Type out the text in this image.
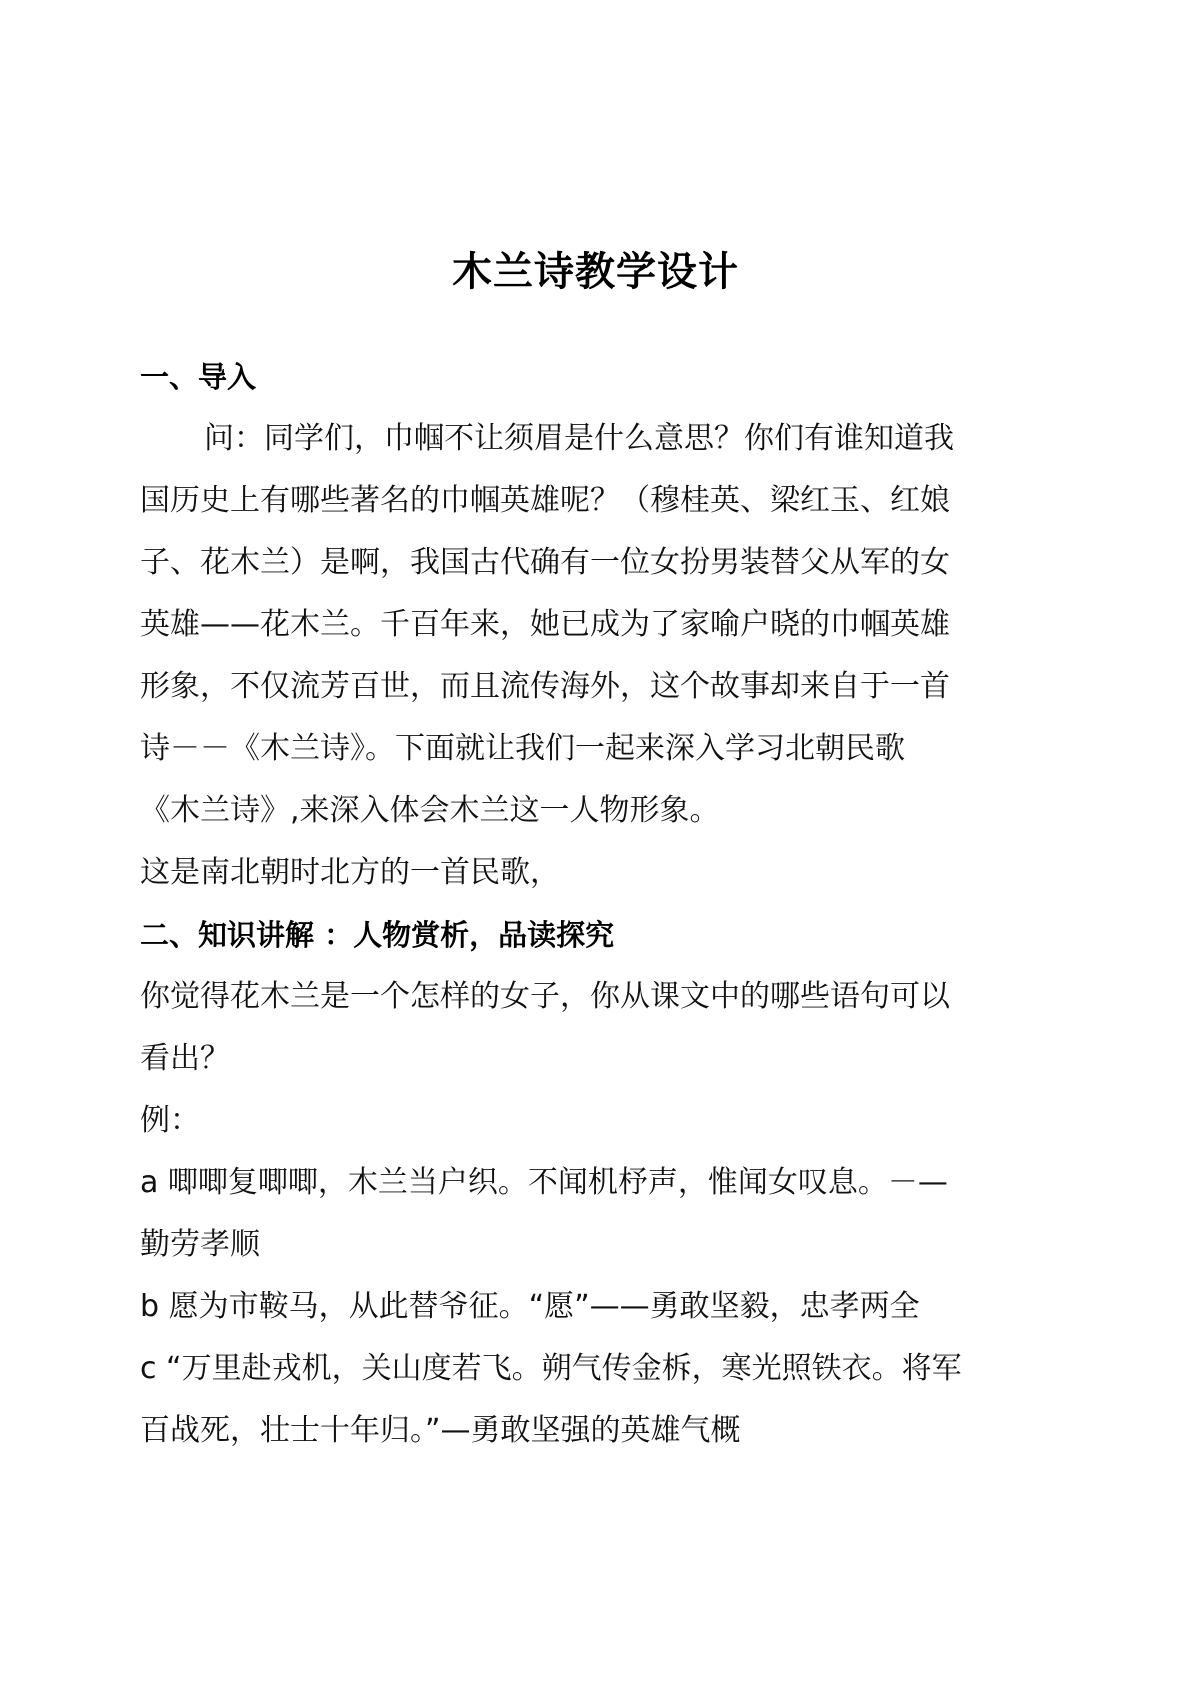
木兰诗教学设计

一、导入

问：同学们，巾帼不让须眉是什么意思？你们有谁知道我

国历史上有哪些著名的巾帼英雄呢？（穆桂英、梁红玉、红娘

子、花木兰）是啊，我国古代确有一位女扮男装替父从军的女

英雄——花木兰。千百年来，她已成为了家喻户晓的巾帼英雄

形象，不仅流芳百世，而且流传海外，这个故事却来自于一首

诗－－《木兰诗》。下面就让我们一起来深入学习北朝民歌

《木兰诗》,来深入体会木兰这一人物形象。

这是南北朝时北方的一首民歌，

二、知识讲解 ：人物赏析，品读探究

你觉得花木兰是一个怎样的女子，你从课文中的哪些语句可以

看出？

例：

a 唧唧复唧唧，木兰当户织。不闻机杼声，惟闻女叹息。－—

勤劳孝顺

b 愿为市鞍马，从此替爷征。“愿”——勇敢坚毅，忠孝两全

c “万里赴戎机，关山度若飞。朔气传金柝，寒光照铁衣。将军

百战死，壮士十年归。”—勇敢坚强的英雄气概
